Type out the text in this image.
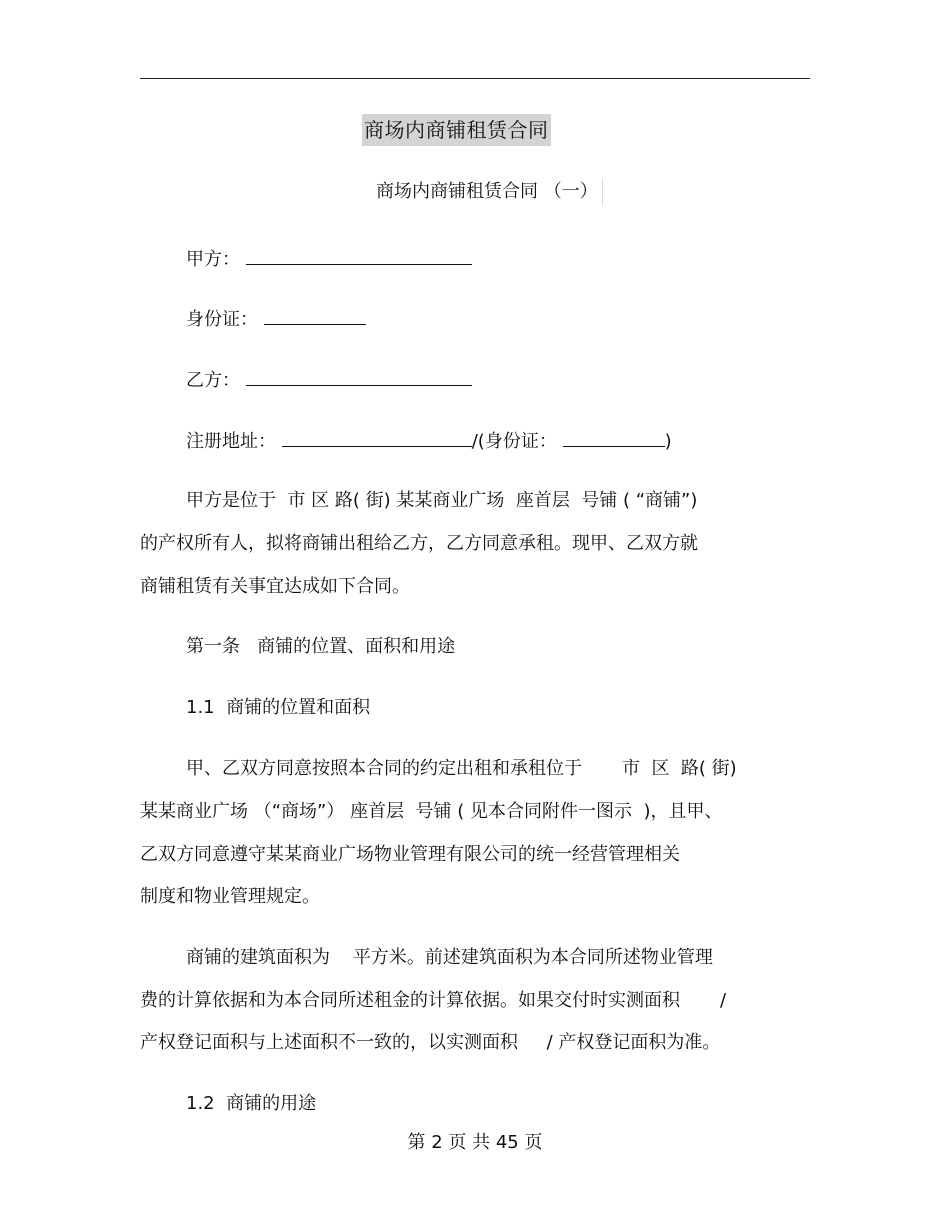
商场内商铺租赁合同
商场内商铺租赁合同 （一）
甲方：
身份证：
乙方：
注册地址：	/(身份证：	)
甲方是位于  市 区 路( 街) 某某商业广场  座首层  号铺 ( “商铺”)
的产权所有人，拟将商铺出租给乙方，乙方同意承租。现甲、乙双方就
商铺租赁有关事宜达成如下合同。
第一条   商铺的位置、面积和用途
1.1  商铺的位置和面积
甲、乙双方同意按照本合同的约定出租和承租位于       市  区  路( 街)
某某商业广场 （“商场”） 座首层  号铺 ( 见本合同附件一图示  )，且甲、
乙双方同意遵守某某商业广场物业管理有限公司的统一经营管理相关
制度和物业管理规定。
商铺的建筑面积为    平方米。前述建筑面积为本合同所述物业管理
费的计算依据和为本合同所述租金的计算依据。如果交付时实测面积       /
产权登记面积与上述面积不一致的，以实测面积     / 产权登记面积为准。
1.2  商铺的用途
第 2 页 共 45 页
